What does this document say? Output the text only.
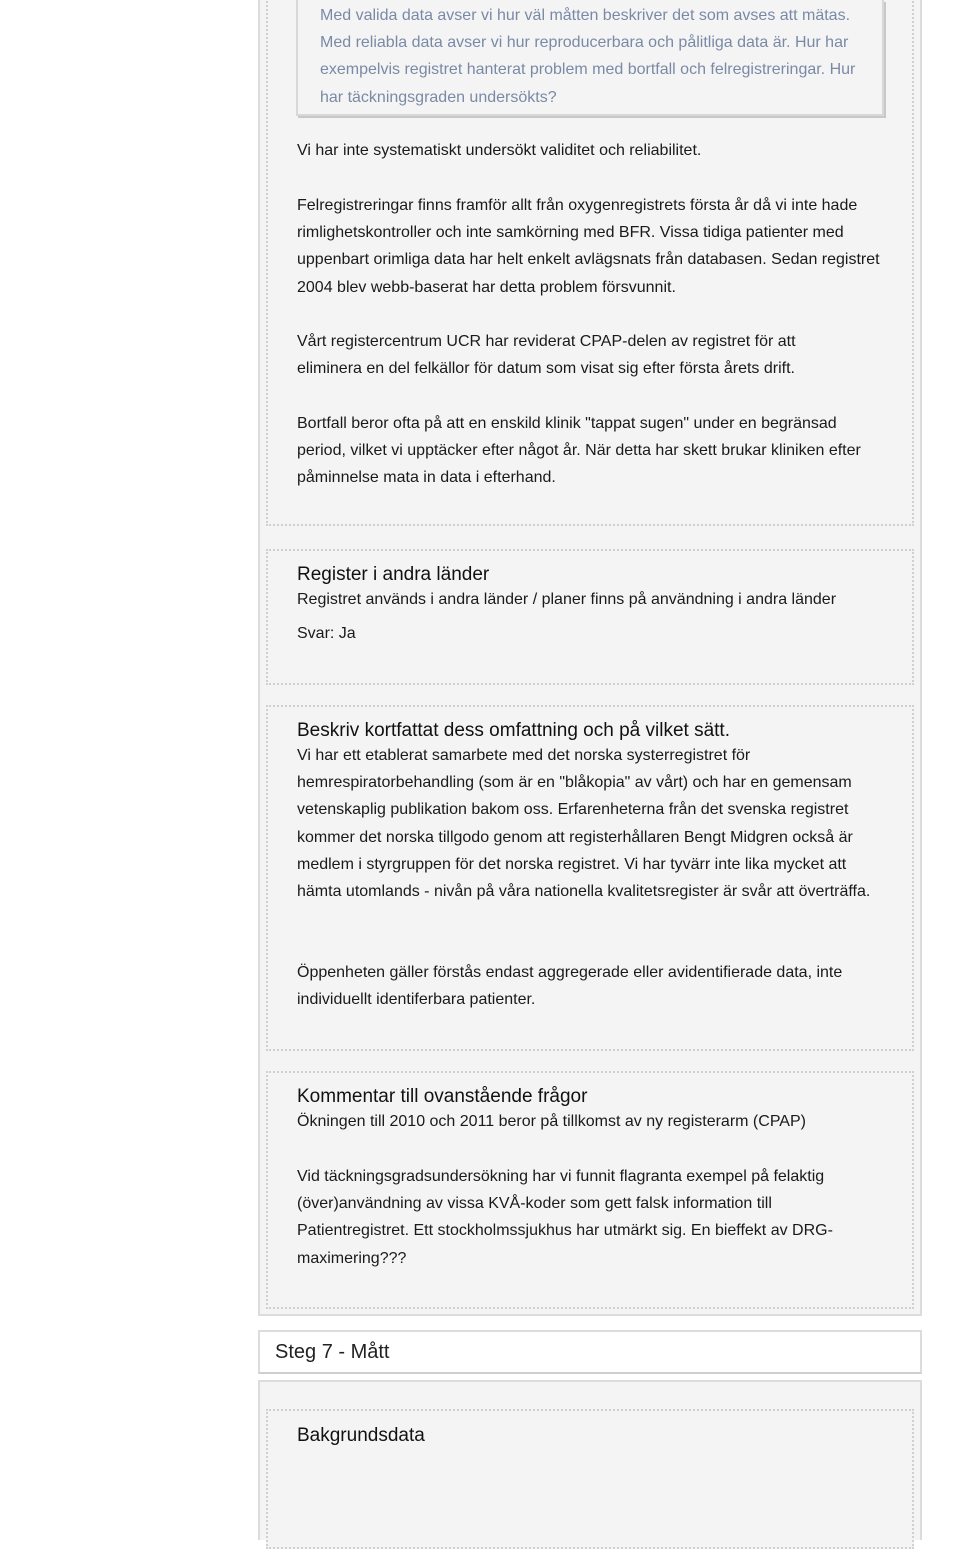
Med valida data avser vi hur väl måtten beskriver det som avses att mätas. Med reliabla data avser vi hur reproducerbara och pålitliga data är. Hur har exempelvis registret hanterat problem med bortfall och felregistreringar. Hur har täckningsgraden undersökts?

Vi har inte systematiskt undersökt validitet och reliabilitet.

Felregistreringar finns framför allt från oxygenregistrets första år då vi inte hade rimlighetskontroller och inte samkörning med BFR. Vissa tidiga patienter med uppenbart orimliga data har helt enkelt avlägsnats från databasen. Sedan registret 2004 blev webb-baserat har detta problem försvunnit.

Vårt registercentrum UCR har reviderat CPAP-delen av registret för att eliminera en del felkällor för datum som visat sig efter första årets drift.

Bortfall beror ofta på att en enskild klinik "tappat sugen" under en begränsad period, vilket vi upptäcker efter något år. När detta har skett brukar kliniken efter påminnelse mata in data i efterhand.

Register i andra länder

Registret används i andra länder / planer finns på användning i andra länder

Svar: Ja

Beskriv kortfattat dess omfattning och på vilket sätt.

Vi har ett etablerat samarbete med det norska systerregistret för hemrespiratorbehandling (som är en "blåkopia" av vårt) och har en gemensam vetenskaplig publikation bakom oss. Erfarenheterna från det svenska registret kommer det norska tillgodo genom att registerhållaren Bengt Midgren också är medlem i styrgruppen för det norska registret. Vi har tyvärr inte lika mycket att hämta utomlands - nivån på våra nationella kvalitetsregister är svår att överträffa.

Öppenheten gäller förstås endast aggregerade eller avidentifierade data, inte individuellt identiferbara patienter.

Kommentar till ovanstående frågor

Ökningen till 2010 och 2011 beror på tillkomst av ny registerarm (CPAP)

Vid täckningsgradsundersökning har vi funnit flagranta exempel på felaktig (över)användning av vissa KVÅ-koder som gett falsk information till Patientregistret. Ett stockholmssjukhus har utmärkt sig. En bieffekt av DRG-maximering???

Steg 7 - Mått
Bakgrundsdata
